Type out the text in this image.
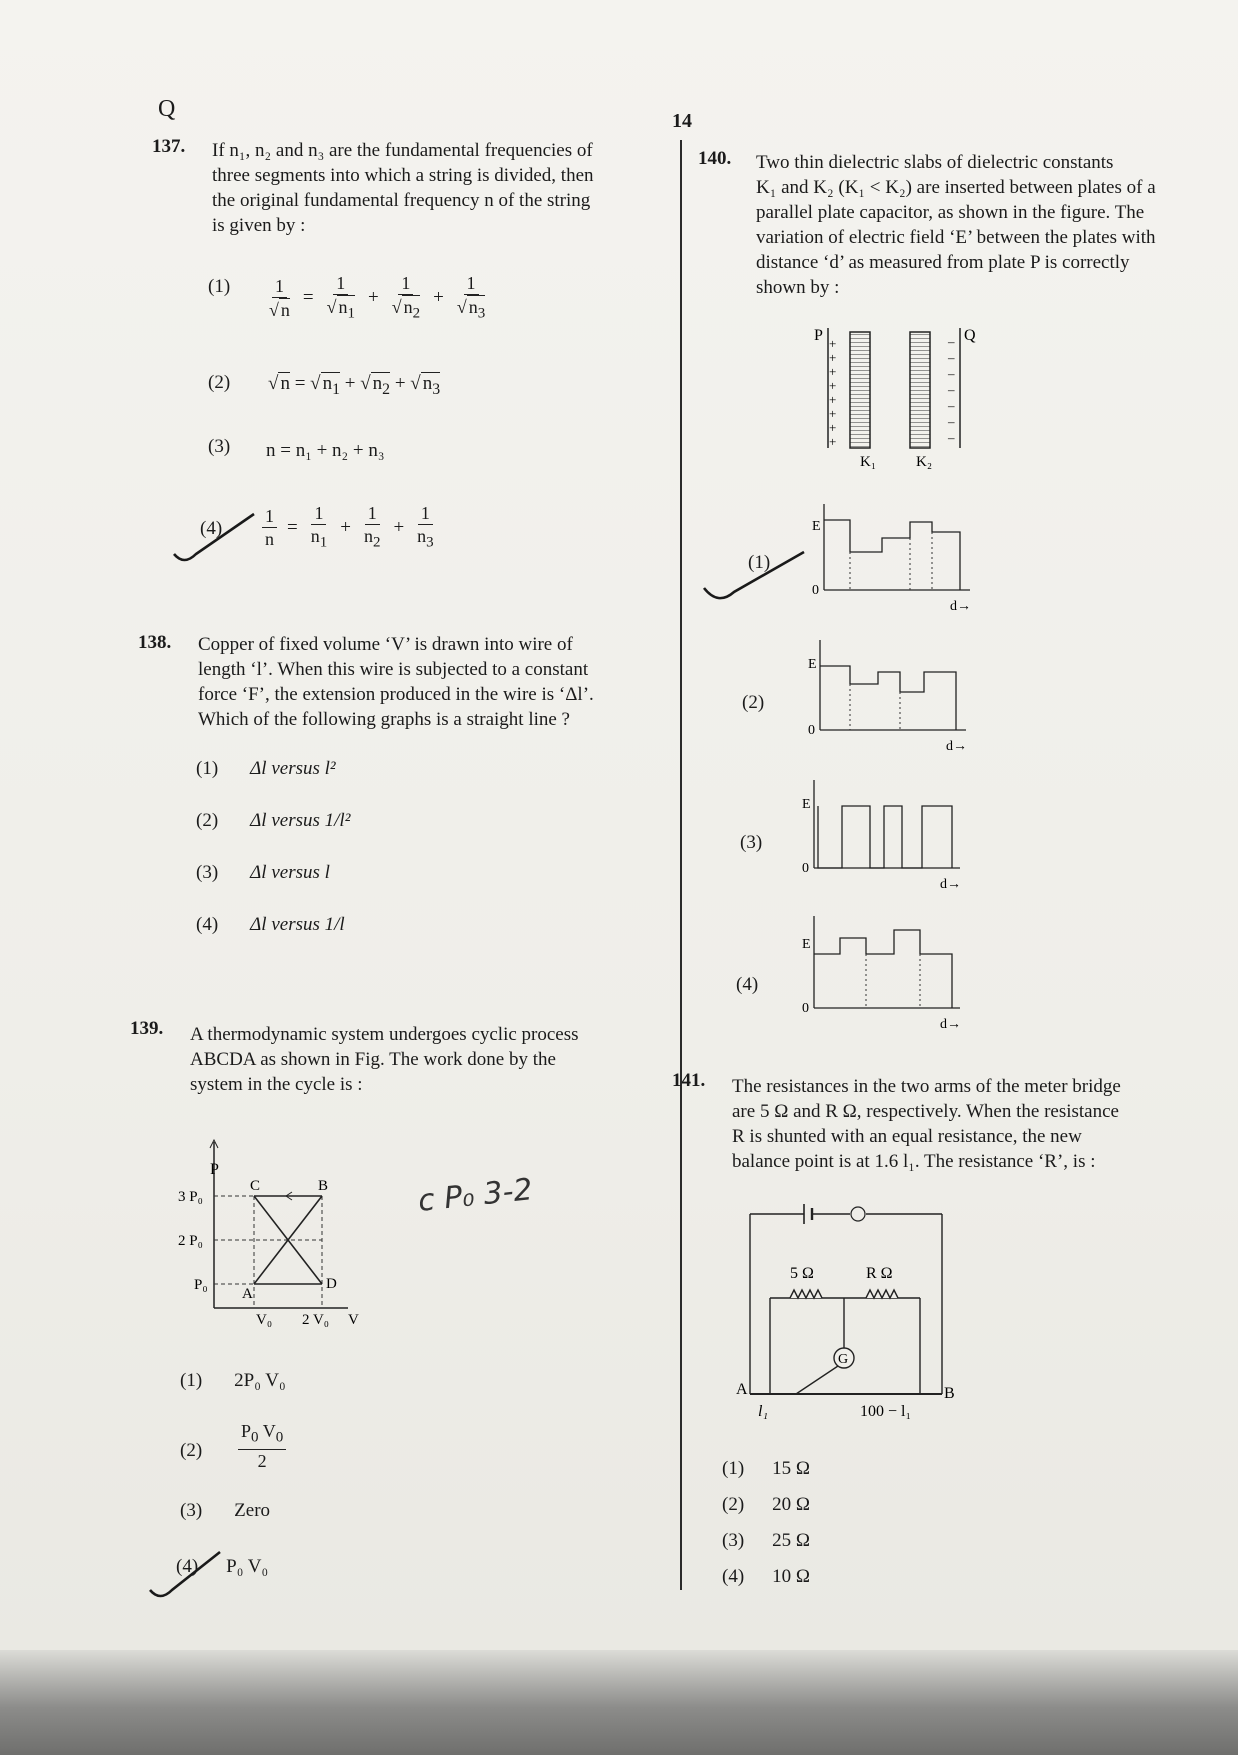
Q	14
137. If n₁, n₂ and n₃ are the fundamental frequencies of
three segments into which a string is divided, then
the original fundamental frequency n of the string
is given by :
$(1) \frac{1}{√ n} = \frac{1}{√ n_1} + \frac{1}{√ n_2} + \frac{1}{√ n_3}$
(2) √ n = √ $n_1$ + √ $n_2$ + √ $n_3$
(3) n = n₁ + n₂ + n₃
$(4) \frac{1}{n} = \frac{1}{n_1} + \frac{1}{n_2} + \frac{1}{n_3}$
138. Copper of fixed volume ‘V’ is drawn into wire of
length ‘l’. When this wire is subjected to a constant
force ‘F’, the extension produced in the wire is ‘Δl’.
Which of the following graphs is a straight line ?
(1) Δl versus l²
(2) Δl versus 1/l²
(3) Δl versus l
(4) Δl versus 1/l
139. A thermodynamic system undergoes cyclic process
ABCDA as shown in Fig. The work done by the
system in the cycle is :
P
3 P₀
2 P₀
P₀
V₀ 2 V₀ V
A
B
C
D
c P₀ 3-2
(1) 2P₀ V₀
$(2) \frac{P_0 V_0}{2}$
(3) Zero
(4) P₀ V₀
140. Two thin dielectric slabs of dielectric constants
K₁ and K₂ (K₁ < K₂) are inserted between plates of a
parallel plate capacitor, as shown in the figure. The
variation of electric field ‘E’ between the plates with
distance ‘d’ as measured from plate P is correctly
shown by :
P +
+
+
+
+
+
+
+
–
–
–
–
–
–
–
Q
K₁	K₂
(1)
E
0
d→
(2)
E
0
d→
(3)
E
0
d→
(4)
E
0
d→
141. The resistances in the two arms of the meter bridge
are 5 Ω and R Ω, respectively. When the resistance
R is shunted with an equal resistance, the new
balance point is at 1.6 l₁. The resistance ‘R’, is :
G
5 Ω	R Ω
A	B
l₁	100 − l₁
(1) 15 Ω
(2) 20 Ω
(3) 25 Ω
(4) 10 Ω
